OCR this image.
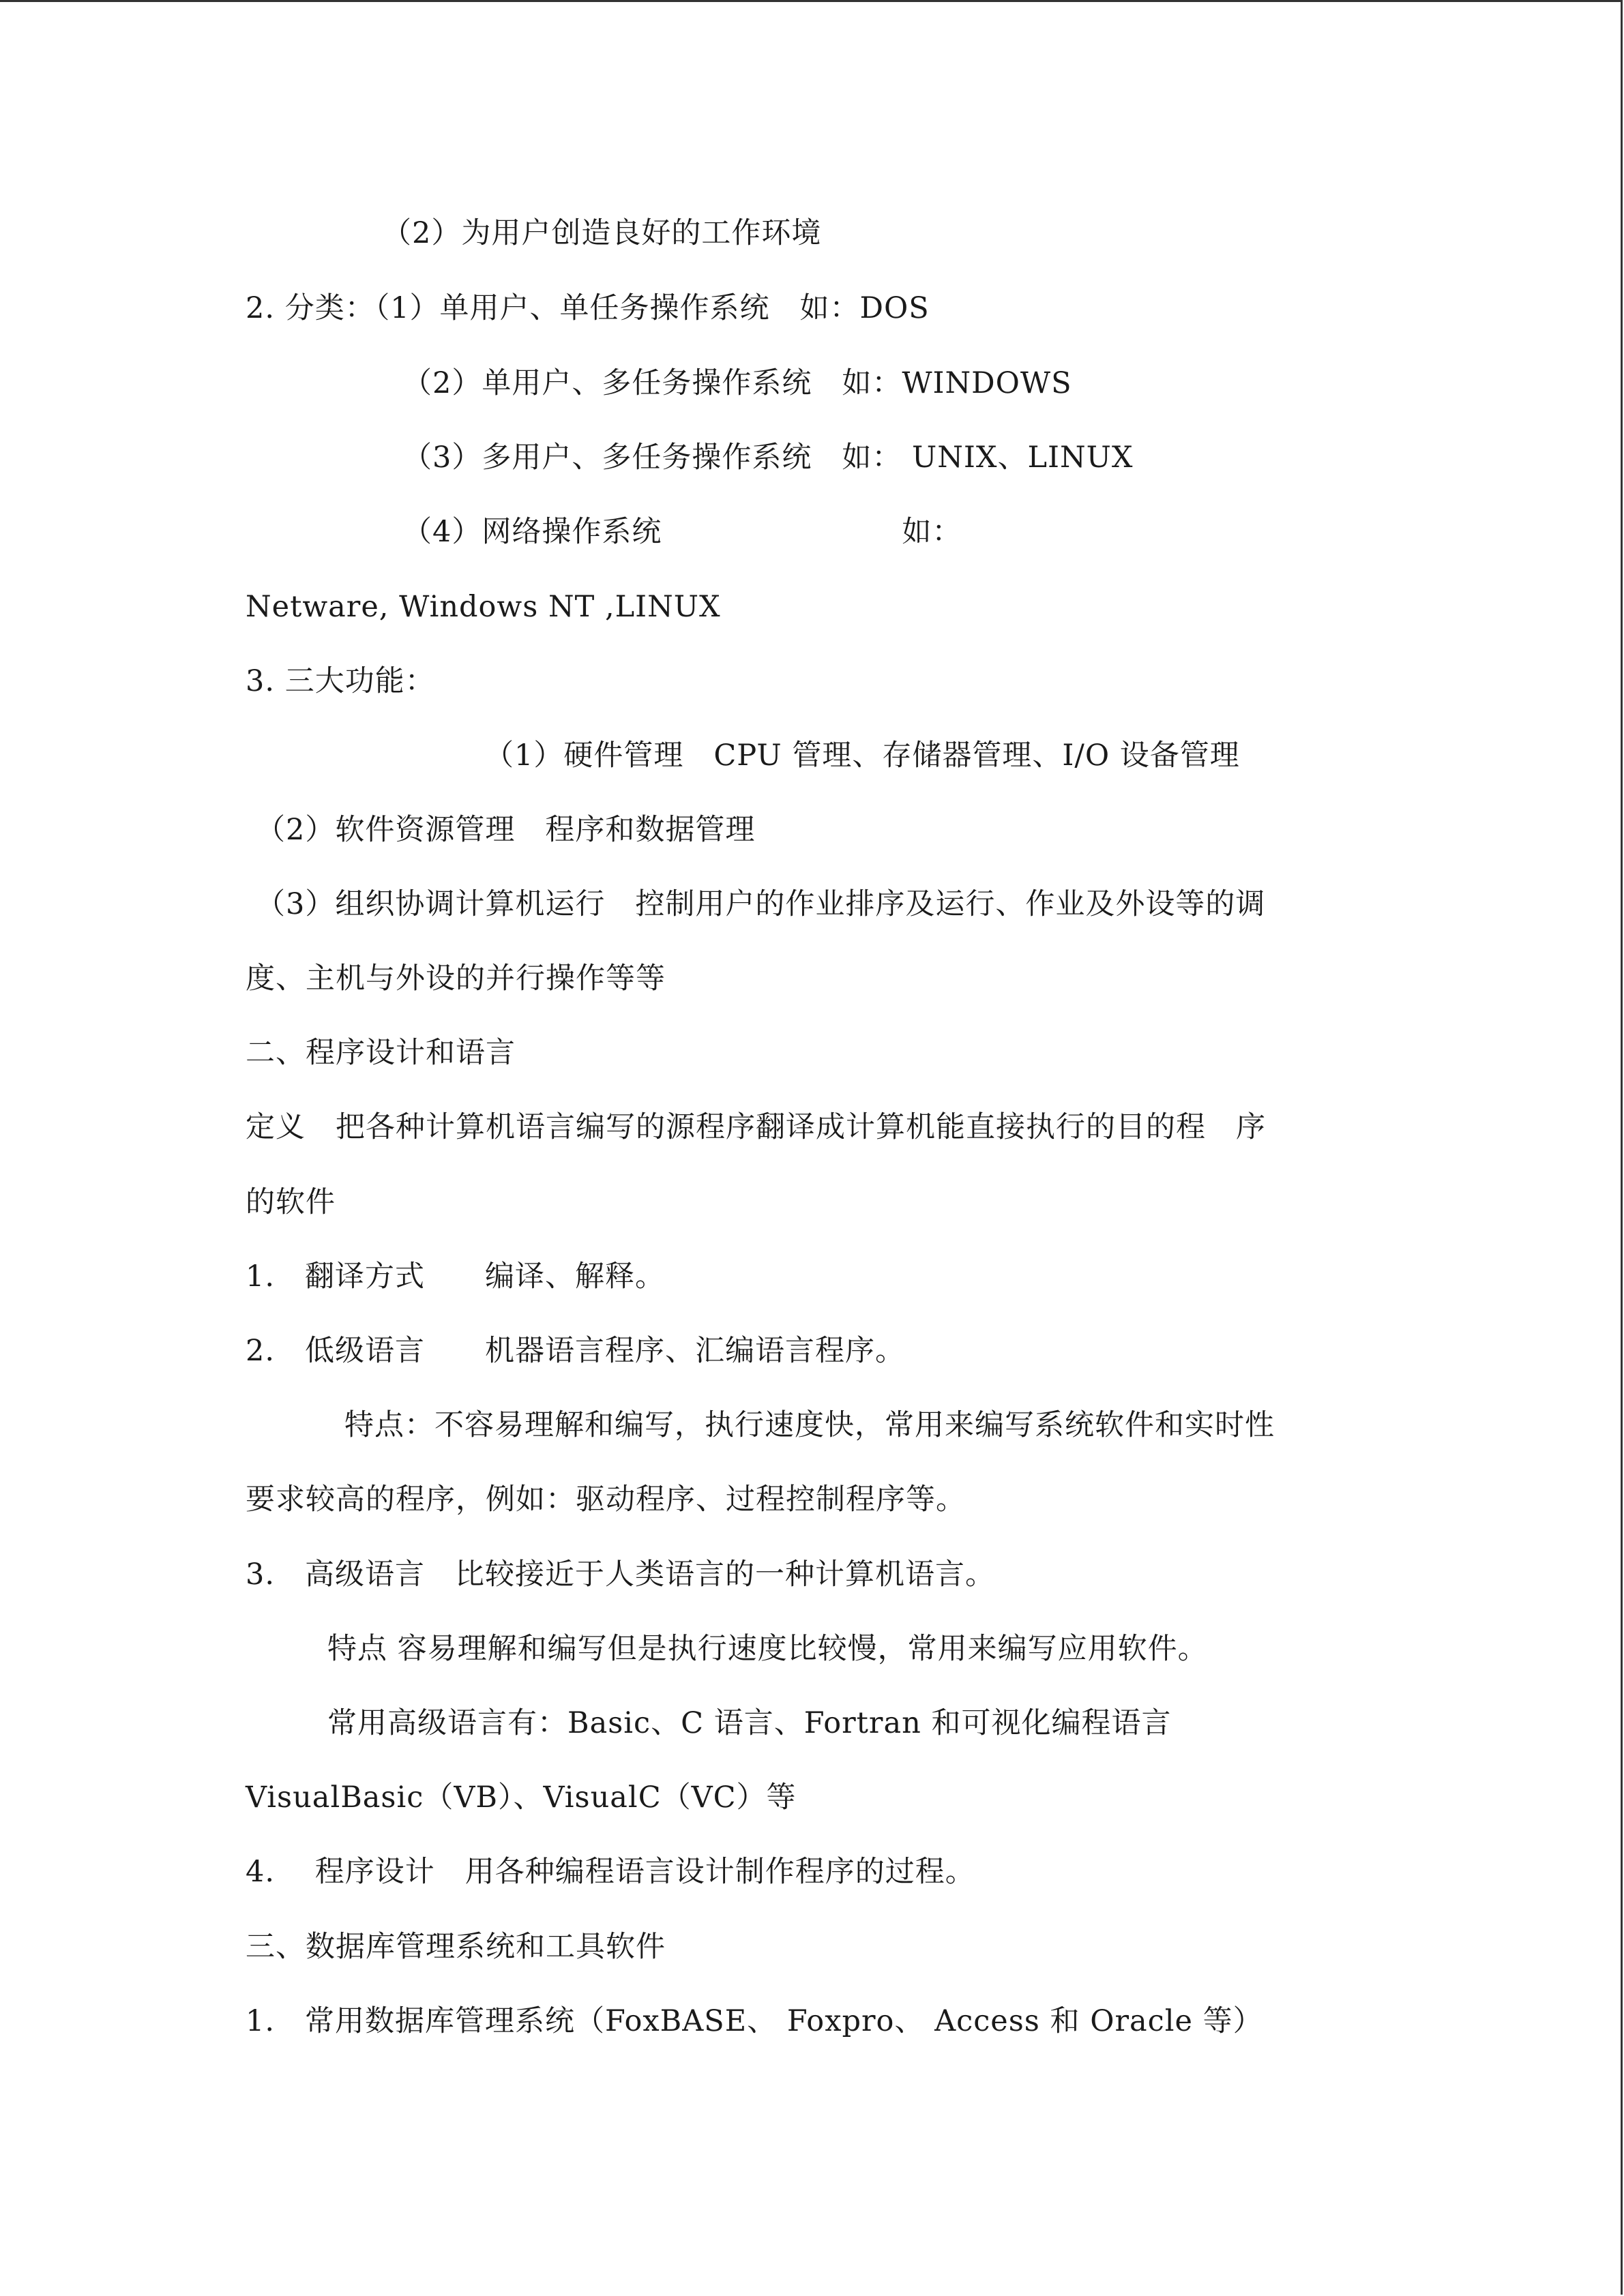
（2）为用户创造良好的工作环境
2. 分类：（1）单用户、单任务操作系统　如：DOS
（2）单用户、多任务操作系统　如：WINDOWS
（3）多用户、多任务操作系统　如： UNIX、LINUX
（4）网络操作系统　　　　　　　　如：
Netware, Windows NT ,LINUX
3. 三大功能：
（1）硬件管理　CPU 管理、存储器管理、I/O 设备管理
（2）软件资源管理　程序和数据管理
（3）组织协调计算机运行　控制用户的作业排序及运行、作业及外设等的调
度、主机与外设的并行操作等等
二、程序设计和语言
定义　把各种计算机语言编写的源程序翻译成计算机能直接执行的目的程　序
的软件
1.　翻译方式　　编译、解释。
2.　低级语言　　机器语言程序、汇编语言程序。
特点：不容易理解和编写，执行速度快，常用来编写系统软件和实时性
要求较高的程序，例如：驱动程序、过程控制程序等。
3.　高级语言　比较接近于人类语言的一种计算机语言。
特点 容易理解和编写但是执行速度比较慢，常用来编写应用软件。
常用高级语言有：Basic、C 语言、Fortran 和可视化编程语言
VisualBasic（VB）、VisualC（VC）等
4.　 程序设计　用各种编程语言设计制作程序的过程。
三、数据库管理系统和工具软件
1.　常用数据库管理系统（FoxBASE、 Foxpro、 Access 和 Oracle 等）
